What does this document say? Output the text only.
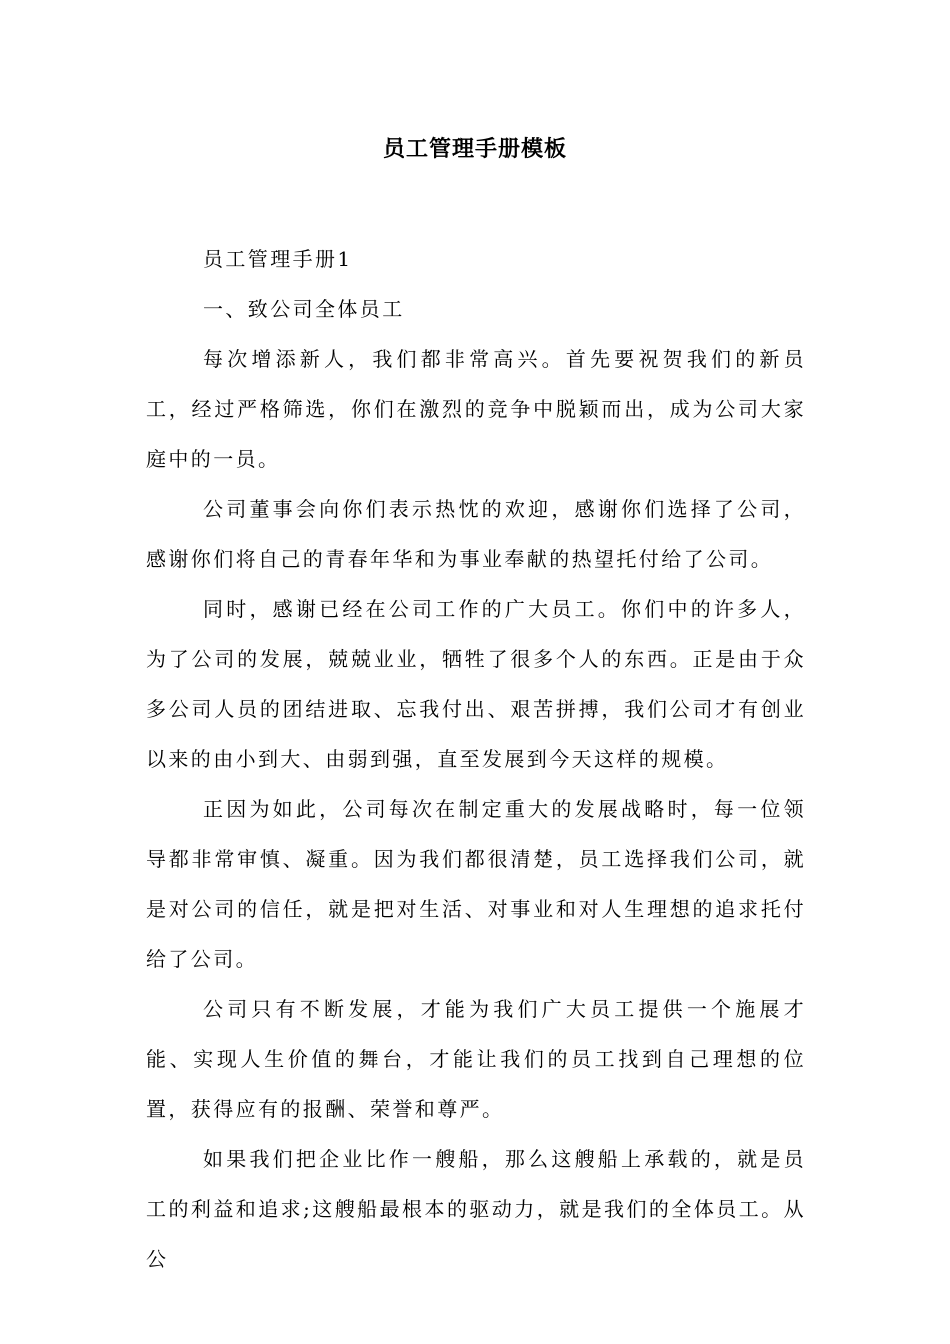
员工管理手册模板

员工管理手册1

一、致公司全体员工

每次增添新人，我们都非常高兴。首先要祝贺我们的新员工，经过严格筛选，你们在激烈的竞争中脱颖而出，成为公司大家庭中的一员。

公司董事会向你们表示热忱的欢迎，感谢你们选择了公司，感谢你们将自己的青春年华和为事业奉献的热望托付给了公司。

同时，感谢已经在公司工作的广大员工。你们中的许多人，为了公司的发展，兢兢业业，牺牲了很多个人的东西。正是由于众多公司人员的团结进取、忘我付出、艰苦拼搏，我们公司才有创业以来的由小到大、由弱到强，直至发展到今天这样的规模。

正因为如此，公司每次在制定重大的发展战略时，每一位领导都非常审慎、凝重。因为我们都很清楚，员工选择我们公司，就是对公司的信任，就是把对生活、对事业和对人生理想的追求托付给了公司。

公司只有不断发展，才能为我们广大员工提供一个施展才能、实现人生价值的舞台，才能让我们的员工找到自己理想的位置，获得应有的报酬、荣誉和尊严。

如果我们把企业比作一艘船，那么这艘船上承载的，就是员工的利益和追求;这艘船最根本的驱动力，就是我们的全体员工。从公
